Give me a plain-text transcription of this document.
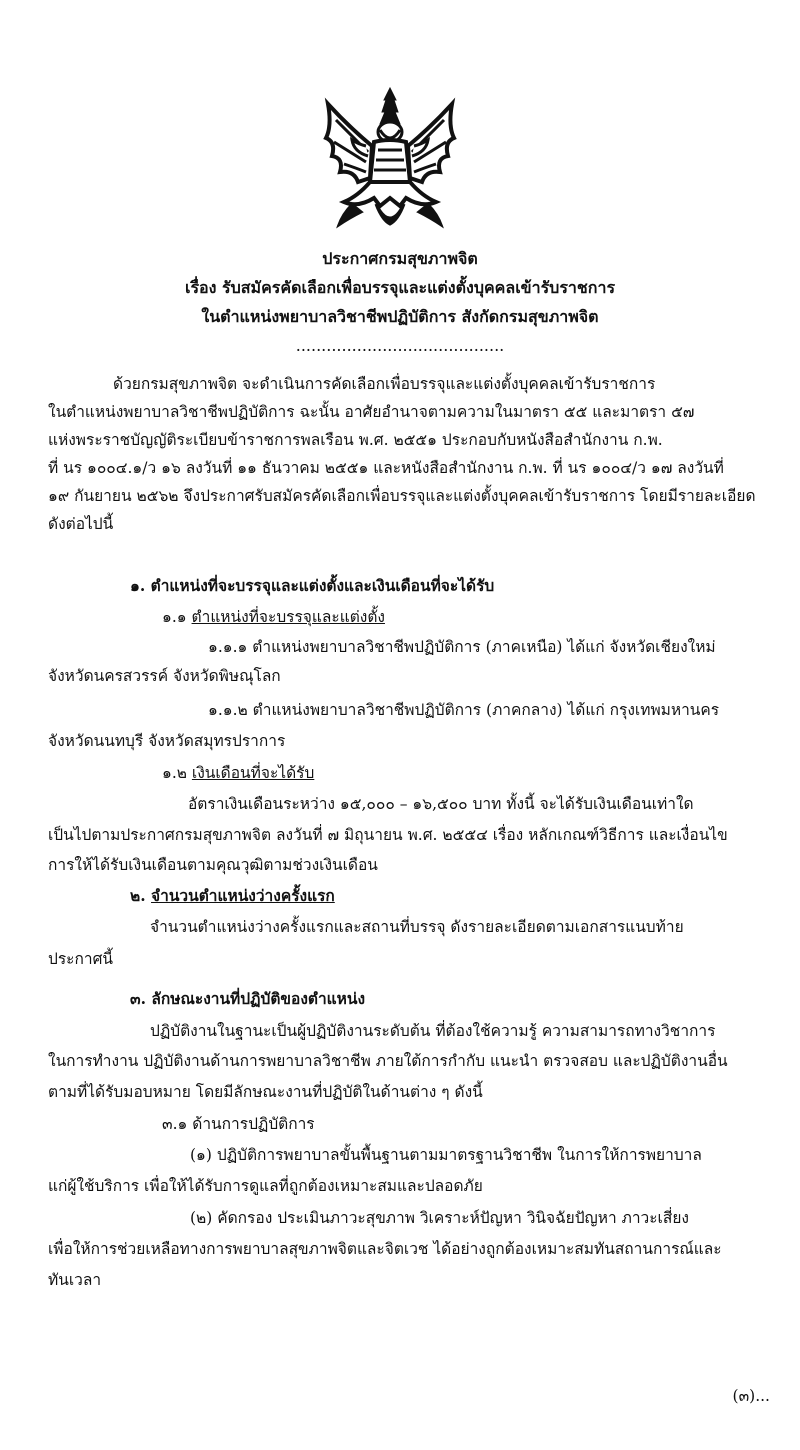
ประกาศกรมสุขภาพจิต
เรื่อง รับสมัครคัดเลือกเพื่อบรรจุและแต่งตั้งบุคคลเข้ารับราชการ
ในตำแหน่งพยาบาลวิชาชีพปฏิบัติการ สังกัดกรมสุขภาพจิต
.........................................
ด้วยกรมสุขภาพจิต จะดำเนินการคัดเลือกเพื่อบรรจุและแต่งตั้งบุคคลเข้ารับราชการ
ในตำแหน่งพยาบาลวิชาชีพปฏิบัติการ ฉะนั้น อาศัยอำนาจตามความในมาตรา ๕๕ และมาตรา ๕๗
แห่งพระราชบัญญัติระเบียบข้าราชการพลเรือน พ.ศ. ๒๕๕๑ ประกอบกับหนังสือสำนักงาน ก.พ.
ที่ นร ๑๐๐๔.๑/ว ๑๖ ลงวันที่ ๑๑ ธันวาคม ๒๕๕๑ และหนังสือสำนักงาน ก.พ. ที่ นร ๑๐๐๔/ว ๑๗ ลงวันที่
๑๙ กันยายน ๒๕๖๒ จึงประกาศรับสมัครคัดเลือกเพื่อบรรจุและแต่งตั้งบุคคลเข้ารับราชการ โดยมีรายละเอียด
ดังต่อไปนี้
๑. ตำแหน่งที่จะบรรจุและแต่งตั้งและเงินเดือนที่จะได้รับ
๑.๑ ตำแหน่งที่จะบรรจุและแต่งตั้ง
๑.๑.๑ ตำแหน่งพยาบาลวิชาชีพปฏิบัติการ (ภาคเหนือ) ได้แก่ จังหวัดเชียงใหม่
จังหวัดนครสวรรค์ จังหวัดพิษณุโลก
๑.๑.๒ ตำแหน่งพยาบาลวิชาชีพปฏิบัติการ (ภาคกลาง) ได้แก่ กรุงเทพมหานคร
จังหวัดนนทบุรี จังหวัดสมุทรปราการ
๑.๒ เงินเดือนที่จะได้รับ
อัตราเงินเดือนระหว่าง ๑๕,๐๐๐ – ๑๖,๕๐๐ บาท ทั้งนี้ จะได้รับเงินเดือนเท่าใด
เป็นไปตามประกาศกรมสุขภาพจิต ลงวันที่ ๗ มิถุนายน พ.ศ. ๒๕๕๔ เรื่อง หลักเกณฑ์วิธีการ และเงื่อนไข
การให้ได้รับเงินเดือนตามคุณวุฒิตามช่วงเงินเดือน
๒. จำนวนตำแหน่งว่างครั้งแรก
จำนวนตำแหน่งว่างครั้งแรกและสถานที่บรรจุ ดังรายละเอียดตามเอกสารแนบท้าย
ประกาศนี้
๓. ลักษณะงานที่ปฏิบัติของตำแหน่ง
ปฏิบัติงานในฐานะเป็นผู้ปฏิบัติงานระดับต้น ที่ต้องใช้ความรู้ ความสามารถทางวิชาการ
ในการทำงาน ปฏิบัติงานด้านการพยาบาลวิชาชีพ ภายใต้การกำกับ แนะนำ ตรวจสอบ และปฏิบัติงานอื่น
ตามที่ได้รับมอบหมาย โดยมีลักษณะงานที่ปฏิบัติในด้านต่าง ๆ ดังนี้
๓.๑ ด้านการปฏิบัติการ
(๑) ปฏิบัติการพยาบาลขั้นพื้นฐานตามมาตรฐานวิชาชีพ ในการให้การพยาบาล
แก่ผู้ใช้บริการ เพื่อให้ได้รับการดูแลที่ถูกต้องเหมาะสมและปลอดภัย
(๒) คัดกรอง ประเมินภาวะสุขภาพ วิเคราะห์ปัญหา วินิจฉัยปัญหา ภาวะเสี่ยง
เพื่อให้การช่วยเหลือทางการพยาบาลสุขภาพจิตและจิตเวช ได้อย่างถูกต้องเหมาะสมทันสถานการณ์และ
ทันเวลา
(๓)...
